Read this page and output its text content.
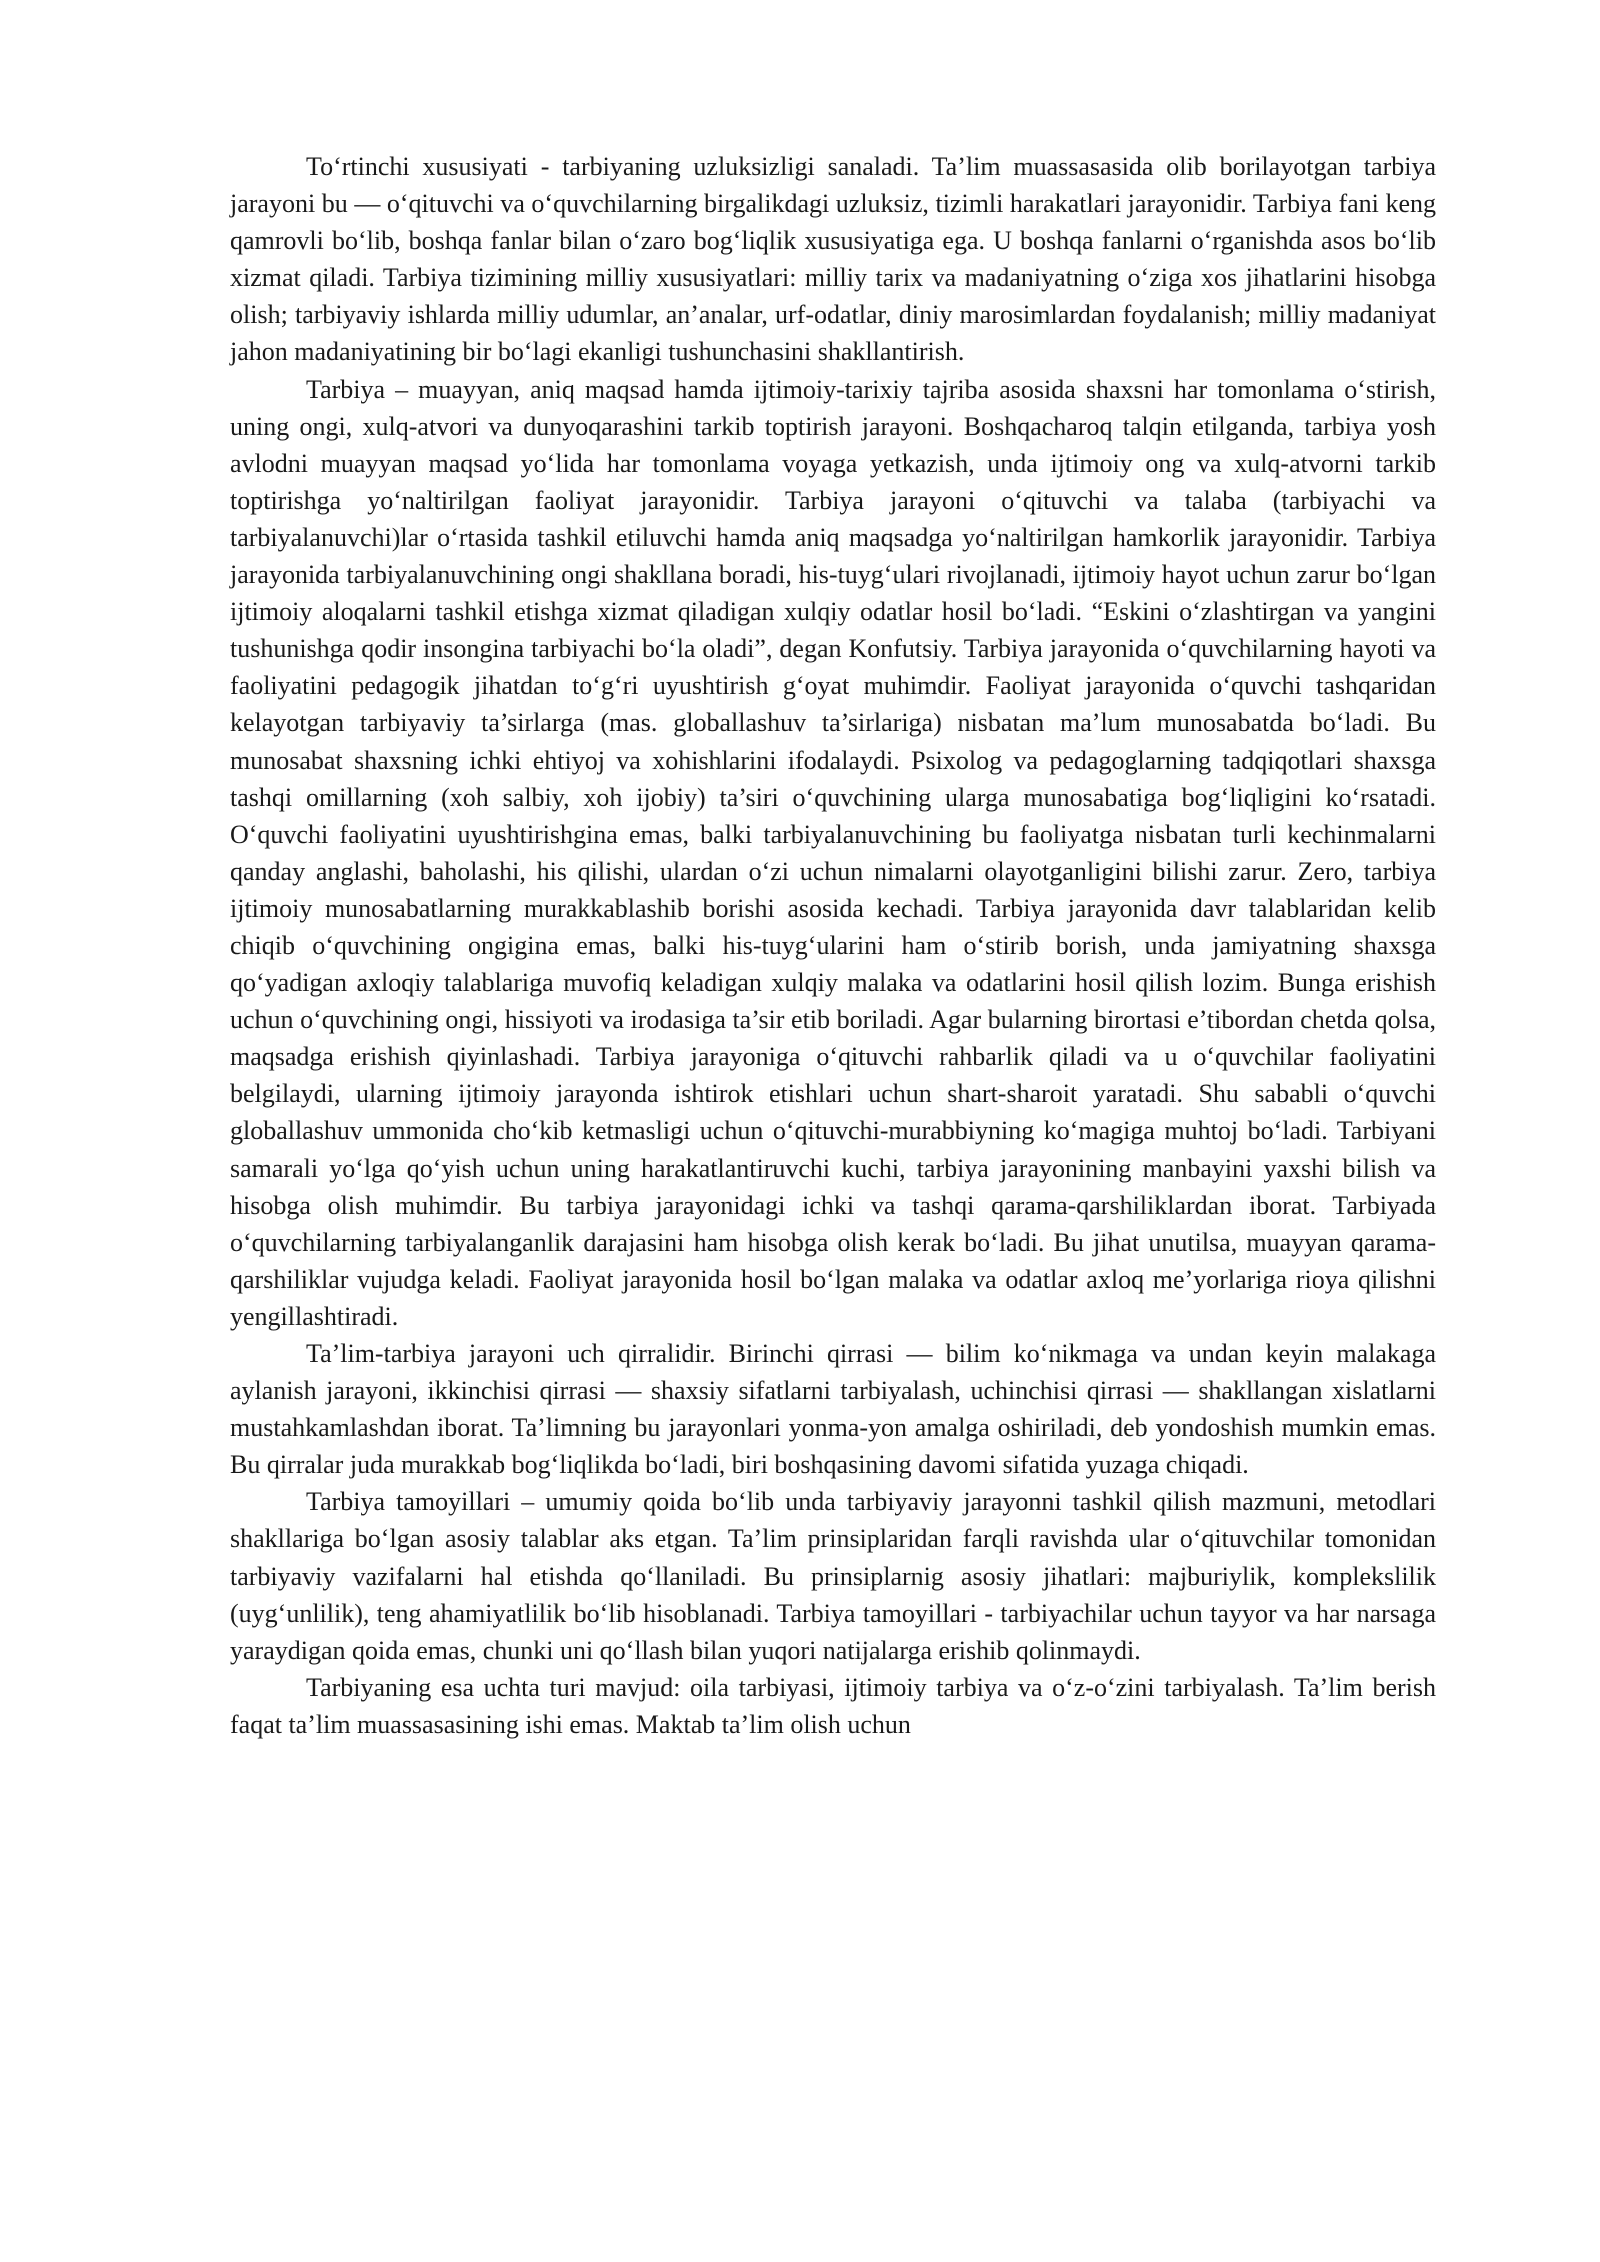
To‘rtinchi xususiyati - tarbiyaning uzluksizligi sanaladi. Ta’lim muassasasida olib borilayotgan tarbiya jarayoni bu — o‘qituvchi va o‘quvchilarning birgalikdagi uzluksiz, tizimli harakatlari jarayonidir. Tarbiya fani keng qamrovli bo‘lib, boshqa fanlar bilan o‘zaro bog‘liqlik xususiyatiga ega. U boshqa fanlarni o‘rganishda asos bo‘lib xizmat qiladi. Tarbiya tizimining milliy xususiyatlari: milliy tarix va madaniyatning o‘ziga xos jihatlarini hisobga olish; tarbiyaviy ishlarda milliy udumlar, an’analar, urf-odatlar, diniy marosimlardan foydalanish; milliy madaniyat jahon madaniyatining bir bo‘lagi ekanligi tushunchasini shakllantirish.

Tarbiya – muayyan, aniq maqsad hamda ijtimoiy-tarixiy tajriba asosida shaxsni har tomonlama o‘stirish, uning ongi, xulq-atvori va dunyoqarashini tarkib toptirish jarayoni. Boshqacharoq talqin etilganda, tarbiya yosh avlodni muayyan maqsad yo‘lida har tomonlama voyaga yetkazish, unda ijtimoiy ong va xulq-atvorni tarkib toptirishga yo‘naltirilgan faoliyat jarayonidir. Tarbiya jarayoni o‘qituvchi va talaba (tarbiyachi va tarbiyalanuvchi)lar o‘rtasida tashkil etiluvchi hamda aniq maqsadga yo‘naltirilgan hamkorlik jarayonidir. Tarbiya jarayonida tarbiyalanuvchining ongi shakllana boradi, his-tuyg‘ulari rivojlanadi, ijtimoiy hayot uchun zarur bo‘lgan ijtimoiy aloqalarni tashkil etishga xizmat qiladigan xulqiy odatlar hosil bo‘ladi. “Eskini o‘zlashtirgan va yangini tushunishga qodir insongina tarbiyachi bo‘la oladi”, degan Konfutsiy. Tarbiya jarayonida o‘quvchilarning hayoti va faoliyatini pedagogik jihatdan to‘g‘ri uyushtirish g‘oyat muhimdir. Faoliyat jarayonida o‘quvchi tashqaridan kelayotgan tarbiyaviy ta’sirlarga (mas. globallashuv ta’sirlariga) nisbatan ma’lum munosabatda bo‘ladi. Bu munosabat shaxsning ichki ehtiyoj va xohishlarini ifodalaydi. Psixolog va pedagoglarning tadqiqotlari shaxsga tashqi omillarning (xoh salbiy, xoh ijobiy) ta’siri o‘quvchining ularga munosabatiga bog‘liqligini ko‘rsatadi. O‘quvchi faoliyatini uyushtirishgina emas, balki tarbiyalanuvchining bu faoliyatga nisbatan turli kechinmalarni qanday anglashi, baholashi, his qilishi, ulardan o‘zi uchun nimalarni olayotganligini bilishi zarur. Zero, tarbiya ijtimoiy munosabatlarning murakkablashib borishi asosida kechadi. Tarbiya jarayonida davr talablaridan kelib chiqib o‘quvchining ongigina emas, balki his-tuyg‘ularini ham o‘stirib borish, unda jamiyatning shaxsga qo‘yadigan axloqiy talablariga muvofiq keladigan xulqiy malaka va odatlarini hosil qilish lozim. Bunga erishish uchun o‘quvchining ongi, hissiyoti va irodasiga ta’sir etib boriladi. Agar bularning birortasi e’tibordan chetda qolsa, maqsadga erishish qiyinlashadi. Tarbiya jarayoniga o‘qituvchi rahbarlik qiladi va u o‘quvchilar faoliyatini belgilaydi, ularning ijtimoiy jarayonda ishtirok etishlari uchun shart-sharoit yaratadi. Shu sababli o‘quvchi globallashuv ummonida cho‘kib ketmasligi uchun o‘qituvchi-murabbiyning ko‘magiga muhtoj bo‘ladi. Tarbiyani samarali yo‘lga qo‘yish uchun uning harakatlantiruvchi kuchi, tarbiya jarayonining manbayini yaxshi bilish va hisobga olish muhimdir. Bu tarbiya jarayonidagi ichki va tashqi qarama-qarshiliklardan iborat. Tarbiyada o‘quvchilarning tarbiyalanganlik darajasini ham hisobga olish kerak bo‘ladi. Bu jihat unutilsa, muayyan qarama-qarshiliklar vujudga keladi. Faoliyat jarayonida hosil bo‘lgan malaka va odatlar axloq me’yorlariga rioya qilishni yengillashtiradi.

Ta’lim-tarbiya jarayoni uch qirralidir. Birinchi qirrasi — bilim ko‘nikmaga va undan keyin malakaga aylanish jarayoni, ikkinchisi qirrasi — shaxsiy sifatlarni tarbiyalash, uchinchisi qirrasi — shakllangan xislatlarni mustahkamlashdan iborat. Ta’limning bu jarayonlari yonma-yon amalga oshiriladi, deb yondoshish mumkin emas. Bu qirralar juda murakkab bog‘liqlikda bo‘ladi, biri boshqasining davomi sifatida yuzaga chiqadi.

Tarbiya tamoyillari – umumiy qoida bo‘lib unda tarbiyaviy jarayonni tashkil qilish mazmuni, metodlari shakllariga bo‘lgan asosiy talablar aks etgan. Ta’lim prinsiplaridan farqli ravishda ular o‘qituvchilar tomonidan tarbiyaviy vazifalarni hal etishda qo‘llaniladi. Bu prinsiplarnig asosiy jihatlari: majburiylik, komplekslilik (uyg‘unlilik), teng ahamiyatlilik bo‘lib hisoblanadi. Tarbiya tamoyillari - tarbiyachilar uchun tayyor va har narsaga yaraydigan qoida emas, chunki uni qo‘llash bilan yuqori natijalarga erishib qolinmaydi.

Tarbiyaning esa uchta turi mavjud: oila tarbiyasi, ijtimoiy tarbiya va o‘z-o‘zini tarbiyalash. Ta’lim berish faqat ta’lim muassasasining ishi emas. Maktab ta’lim olish uchun
